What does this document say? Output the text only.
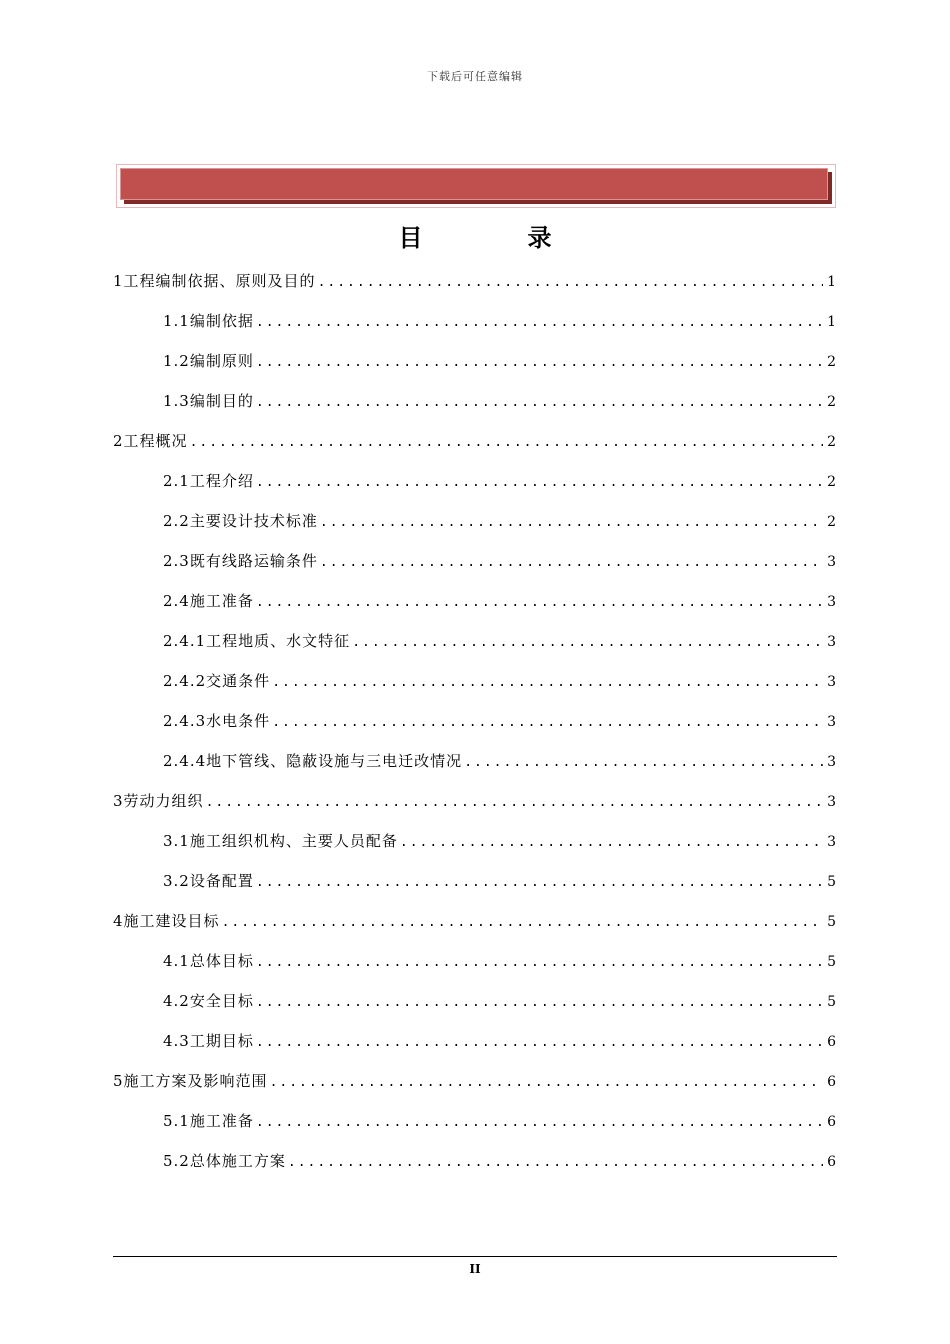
下载后可任意编辑
目	录
1工程编制依据、原则及目的 .....	1
1.1编制依据 .....	1
1.2编制原则 .....	2
1.3编制目的 .....	2
2工程概况 .....	2
2.1工程介绍 .....	2
2.2主要设计技术标准 .....	2
2.3既有线路运输条件 .....	3
2.4施工准备 .....	3
2.4.1工程地质、水文特征 .....	3
2.4.2交通条件 .....	3
2.4.3水电条件 .....	3
2.4.4地下管线、隐蔽设施与三电迁改情况 .....	3
3劳动力组织 .....	3
3.1施工组织机构、主要人员配备 .....	3
3.2设备配置 .....	5
4施工建设目标 .....	5
4.1总体目标 .....	5
4.2安全目标 .....	5
4.3工期目标 .....	6
5施工方案及影响范围 .....	6
5.1施工准备 .....	6
5.2总体施工方案 .....	6
II
